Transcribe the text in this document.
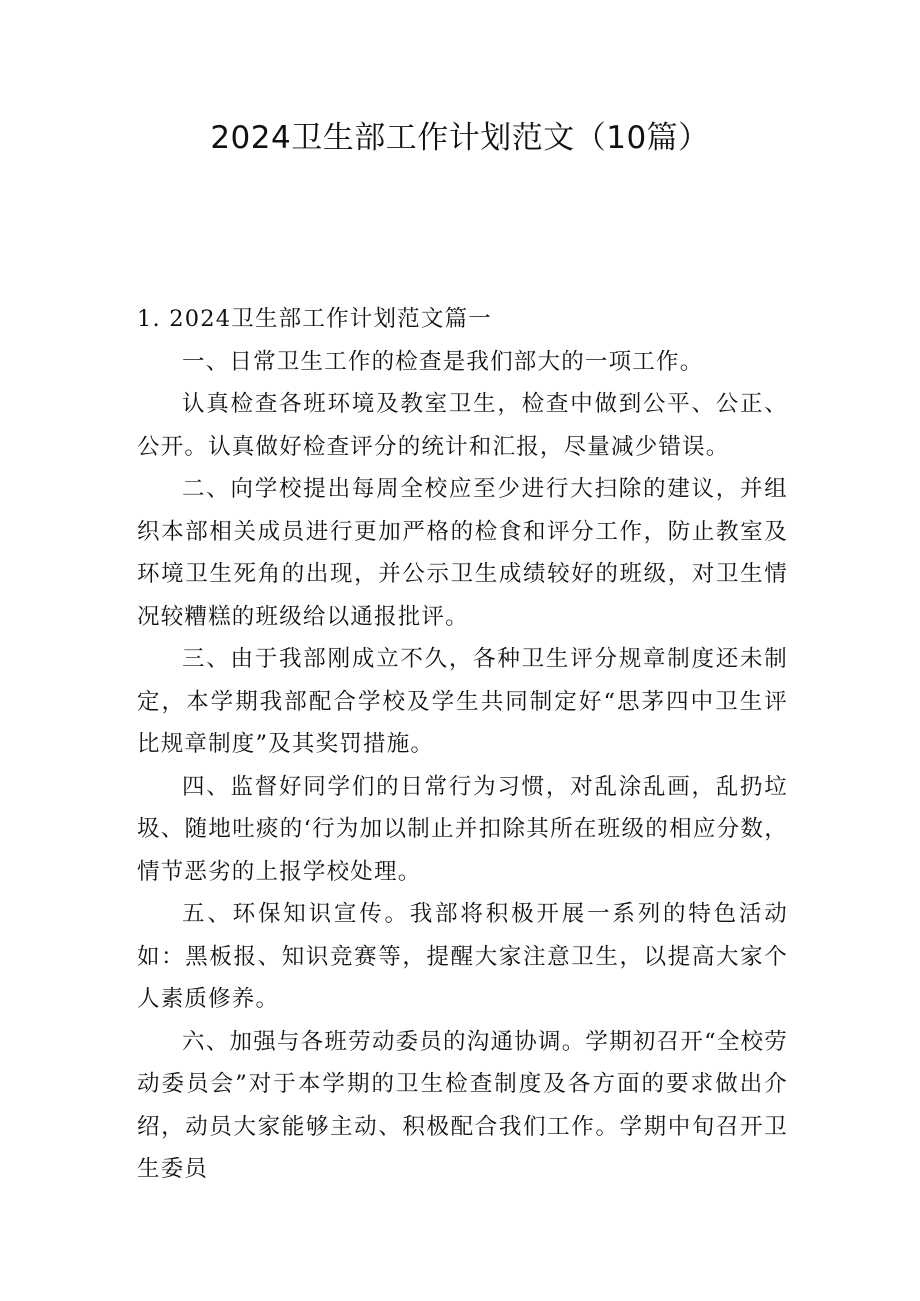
2024卫生部工作计划范文（10篇）
1. 2024卫生部工作计划范文篇一

一、日常卫生工作的检查是我们部大的一项工作。

认真检查各班环境及教室卫生，检查中做到公平、公正、公开。认真做好检查评分的统计和汇报，尽量减少错误。

二、向学校提出每周全校应至少进行大扫除的建议，并组织本部相关成员进行更加严格的检食和评分工作，防止教室及环境卫生死角的出现，并公示卫生成绩较好的班级，对卫生情况较糟糕的班级给以通报批评。

三、由于我部刚成立不久，各种卫生评分规章制度还未制定，本学期我部配合学校及学生共同制定好“思茅四中卫生评比规章制度”及其奖罚措施。

四、监督好同学们的日常行为习惯，对乱涂乱画，乱扔垃圾、随地吐痰的‘行为加以制止并扣除其所在班级的相应分数，情节恶劣的上报学校处理。

五、环保知识宣传。我部将积极开展一系列的特色活动如：黑板报、知识竞赛等，提醒大家注意卫生，以提高大家个人素质修养。

六、加强与各班劳动委员的沟通协调。学期初召开“全校劳动委员会”对于本学期的卫生检查制度及各方面的要求做出介绍，动员大家能够主动、积极配合我们工作。学期中旬召开卫生委员
